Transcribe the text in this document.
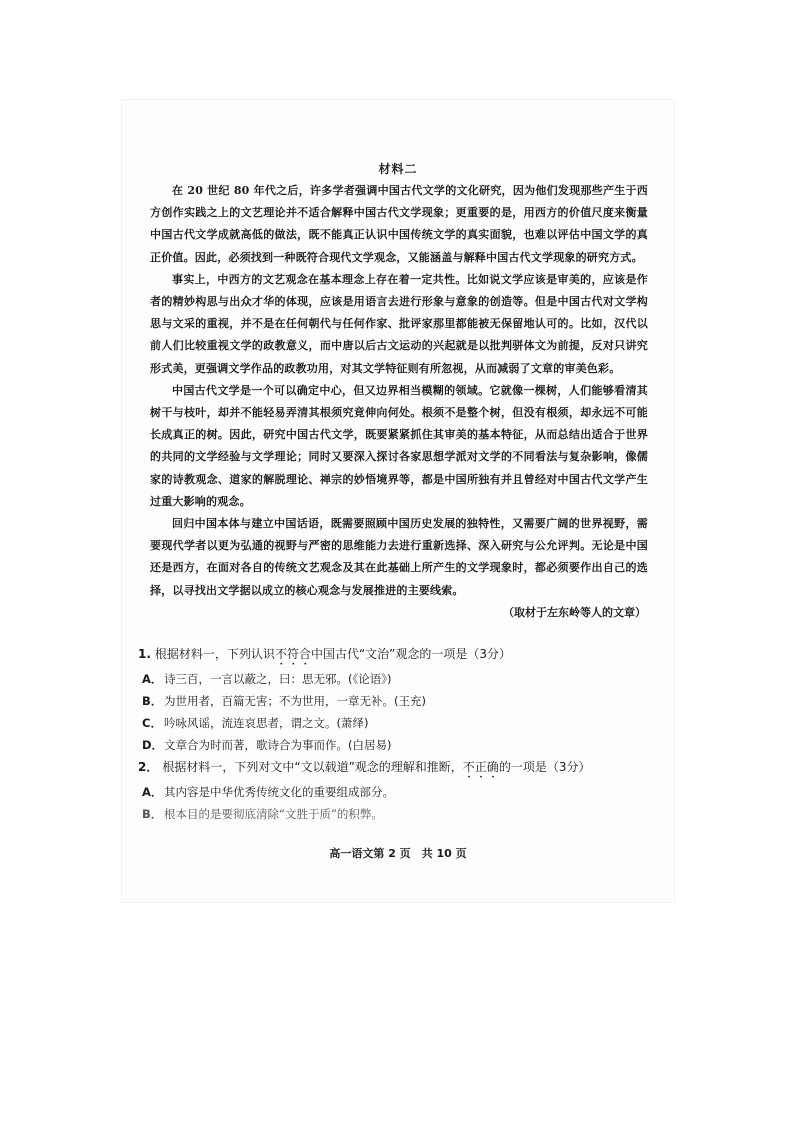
材料二

在 20 世纪 80 年代之后，许多学者强调中国古代文学的文化研究，因为他们发现那些产生于西方创作实践之上的文艺理论并不适合解释中国古代文学现象；更重要的是，用西方的价值尺度来衡量中国古代文学成就高低的做法，既不能真正认识中国传统文学的真实面貌，也难以评估中国文学的真正价值。因此，必须找到一种既符合现代文学观念，又能涵盖与解释中国古代文学现象的研究方式。

事实上，中西方的文艺观念在基本理念上存在着一定共性。比如说文学应该是审美的，应该是作者的精妙构思与出众才华的体现，应该是用语言去进行形象与意象的创造等。但是中国古代对文学构思与文采的重视，并不是在任何朝代与任何作家、批评家那里都能被无保留地认可的。比如，汉代以前人们比较重视文学的政教意义，而中唐以后古文运动的兴起就是以批判骈体文为前提，反对只讲究形式美，更强调文学作品的政教功用，对其文学特征则有所忽视，从而减弱了文章的审美色彩。

中国古代文学是一个可以确定中心，但又边界相当模糊的领域。它就像一棵树，人们能够看清其树干与枝叶，却并不能轻易弄清其根须究竟伸向何处。根须不是整个树，但没有根须，却永远不可能长成真正的树。因此，研究中国古代文学，既要紧紧抓住其审美的基本特征，从而总结出适合于世界的共同的文学经验与文学理论；同时又要深入探讨各家思想学派对文学的不同看法与复杂影响，像儒家的诗教观念、道家的解脱理论、禅宗的妙悟境界等，都是中国所独有并且曾经对中国古代文学产生过重大影响的观念。

回归中国本体与建立中国话语，既需要照顾中国历史发展的独特性，又需要广阔的世界视野，需要现代学者以更为弘通的视野与严密的思维能力去进行重新选择、深入研究与公允评判。无论是中国还是西方，在面对各自的传统文艺观念及其在此基础上所产生的文学现象时，都必须要作出自己的选择，以寻找出文学据以成立的核心观念与发展推进的主要线索。

（取材于左东岭等人的文章）

1. 根据材料一，下列认识不符合中国古代“文治”观念的一项是（3分）

A． 诗三百，一言以蔽之，曰：思无邪。(《论语》)

B． 为世用者，百篇无害；不为世用，一章无补。(王充)

C． 吟咏风谣，流连哀思者，谓之文。(萧绎)

D．文章合为时而著，歌诗合为事而作。(白居易)

2． 根据材料一，下列对文中“文以载道”观念的理解和推断，不正确的一项是（3分）

A． 其内容是中华优秀传统文化的重要组成部分。

B． 根本目的是要彻底清除“文胜于质”的积弊。

高一语文第 2 页　共 10 页
